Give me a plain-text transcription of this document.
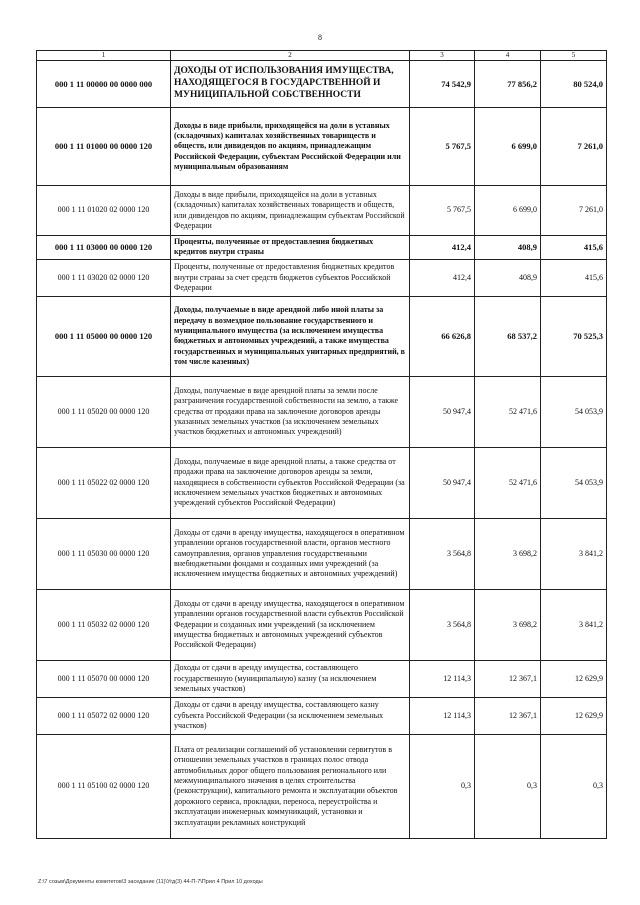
8
1	2	3	4	5
000 1 11 00000 00 0000 000	ДОХОДЫ ОТ ИСПОЛЬЗОВАНИЯ ИМУЩЕСТВА, НАХОДЯЩЕГОСЯ В ГОСУДАРСТВЕННОЙ И МУНИЦИПАЛЬНОЙ СОБСТВЕННОСТИ	74 542,9	77 856,2	80 524,0
000 1 11 01000 00 0000 120	Доходы в виде прибыли, приходящейся на доли в уставных (складочных) капиталах хозяйственных товариществ и обществ, или дивидендов по акциям, принадлежащим Российской Федерации, субъектам Российской Федерации или муниципальным образованиям	5 767,5	6 699,0	7 261,0
000 1 11 01020 02 0000 120	Доходы в виде прибыли, приходящейся на доли в уставных (складочных) капиталах хозяйственных товариществ и обществ, или дивидендов по акциям, принадлежащим субъектам Российской Федерации	5 767,5	6 699,0	7 261,0
000 1 11 03000 00 0000 120	Проценты, полученные от предоставления бюджетных кредитов внутри страны	412,4	408,9	415,6
000 1 11 03020 02 0000 120	Проценты, полученные от предоставления бюджетных кредитов внутри страны за счет средств бюджетов субъектов Российской Федерации	412,4	408,9	415,6
000 1 11 05000 00 0000 120	Доходы, получаемые в виде арендной либо иной платы за передачу в возмездное пользование государственного и муниципального имущества (за исключением имущества бюджетных и автономных учреждений, а также имущества государственных и муниципальных унитарных предприятий, в том числе казенных)	66 626,8	68 537,2	70 525,3
000 1 11 05020 00 0000 120	Доходы, получаемые в виде арендной платы за земли после разграничения государственной собственности на землю, а также средства от продажи права на заключение договоров аренды указанных земельных участков (за исключением земельных участков бюджетных и автономных учреждений)	50 947,4	52 471,6	54 053,9
000 1 11 05022 02 0000 120	Доходы, получаемые в виде арендной платы, а также средства от продажи права на заключение договоров аренды за земли, находящиеся в собственности субъектов Российской Федерации (за исключением земельных участков бюджетных и автономных учреждений субъектов Российской Федерации)	50 947,4	52 471,6	54 053,9
000 1 11 05030 00 0000 120	Доходы от сдачи в аренду имущества, находящегося в оперативном управлении органов государственной власти, органов местного самоуправления, органов управления государственными внебюджетными фондами и созданных ими учреждений (за исключением имущества бюджетных и автономных учреждений)	3 564,8	3 698,2	3 841,2
000 1 11 05032 02 0000 120	Доходы от сдачи в аренду имущества, находящегося в оперативном управлении органов государственной власти субъектов Российской Федерации и созданных ими учреждений (за исключением имущества бюджетных и автономных учреждений субъектов Российской Федерации)	3 564,8	3 698,2	3 841,2
000 1 11 05070 00 0000 120	Доходы от сдачи в аренду имущества, составляющего государственную (муниципальную) казну (за исключением земельных участков)	12 114,3	12 367,1	12 629,9
000 1 11 05072 02 0000 120	Доходы от сдачи в аренду имущества, составляющего казну субъекта Российской Федерации (за исключением земельных участков)	12 114,3	12 367,1	12 629,9
000 1 11 05100 02 0000 120	Плата от реализации соглашений об установлении сервитутов в отношении земельных участков в границах полос отвода автомобильных дорог общего пользования регионального или межмуниципального значения в целях строительства (реконструкции), капитального ремонта и эксплуатации объектов дорожного сервиса, прокладки, переноса, переустройства и эксплуатации инженерных коммуникаций, установки и эксплуатации рекламных конструкций	0,3	0,3	0,3
Z:\7 созыв\Документы комитетов\3 заседание (11)\Угд(3) 44-П-7\Прил 4 Прил 10 доходы
